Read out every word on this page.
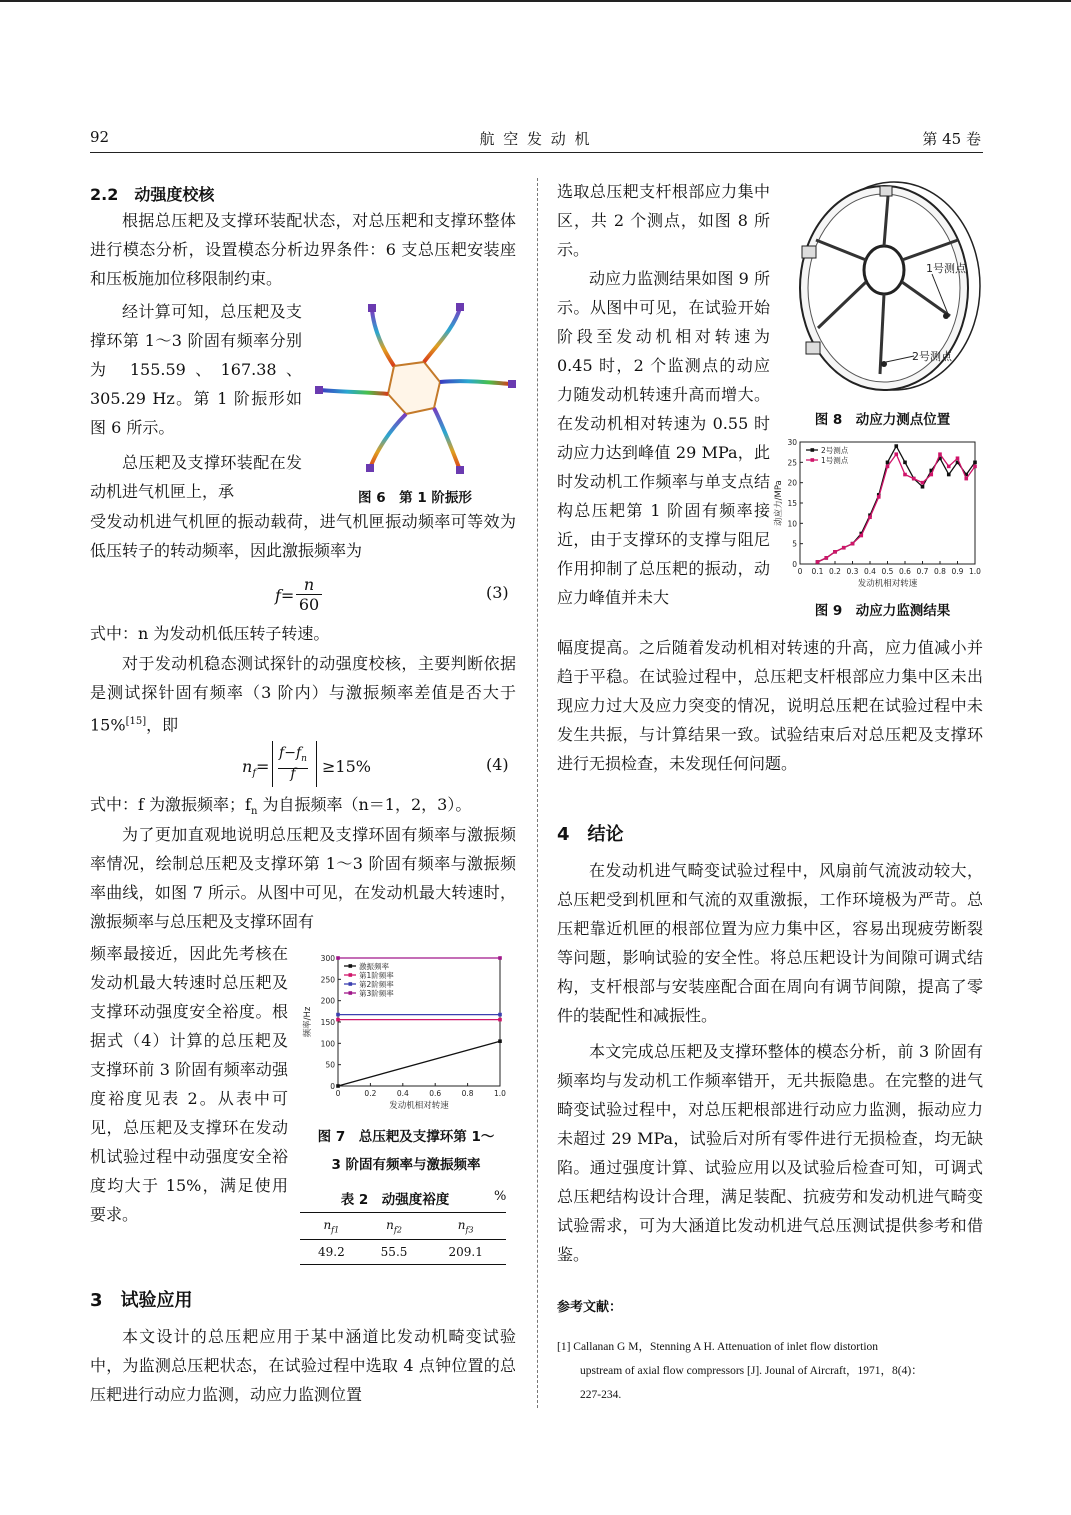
92	航 空 发 动 机	第 45 卷
2.2　动强度校核

根据总压耙及支撑环装配状态，对总压耙和支撑环整体进行模态分析，设置模态分析边界条件：6 支总压耙安装座和压板施加位移限制约束。

经计算可知，总压耙及支撑环第 1～3 阶固有频率分别为 155.59、167.38、305.29 Hz。第 1 阶振形如图 6 所示。

总压耙及支撑环装配在发动机进气机匣上，承

受发动机进气机匣的振动载荷，进气机匣振动频率可等效为低压转子的转动频率，因此激振频率为

图 6　第 1 阶振形
f=
n
60
(3)

式中：n 为发动机低压转子转速。

对于发动机稳态测试探针的动强度校核，主要判断依据是测试探针固有频率（3 阶内）与激振频率差值是否大于 15%[15]，即

$n_f=$
$f-f_n$
f	≥15%	(4)

式中：f 为激振频率；$f_n$ 为自振频率（n＝1，2，3）。

为了更加直观地说明总压耙及支撑环固有频率与激振频率情况，绘制总压耙及支撑环第 1～3 阶固有频率与激振频率曲线，如图 7 所示。从图中可见，在发动机最大转速时，激振频率与总压耙及支撑环固有

频率最接近，因此先考核在发动机最大转速时总压耙及支撑环动强度安全裕度。根据式（4）计算的总压耙及支撑环前 3 阶固有频率动强度裕度见表 2。从表中可见，总压耙及支撑环在发动机试验过程中动强度安全裕度均大于 15%，满足使用要求。

0	0.2	0.4	0.6	0.8	1.0
0
50
100
150
200
250
300
发动机相对转速
频率/Hz
激振频率
第1阶频率
第2阶频率
第3阶频率
图 7　总压耙及支撑环第 1～
3 阶固有频率与激振频率
表 2　动强度裕度	%
$n_{f1}$	$n_{f2}$	$n_{f3}$
49.2	55.5	209.1
3　试验应用

本文设计的总压耙应用于某中涵道比发动机畸变试验中，为监测总压耙状态，在试验过程中选取 4 点钟位置的总压耙进行动应力监测，动应力监测位置

选取总压耙支杆根部应力集中区，共 2 个测点，如图 8 所示。

动应力监测结果如图 9 所示。从图中可见，在试验开始阶段至发动机相对转速为 0.45 时，2 个监测点的动应力随发动机转速升高而增大。在发动机相对转速为 0.55 时动应力达到峰值 29 MPa，此时发动机工作频率与单支点结构总压耙第 1 阶固有频率接近，由于支撑环的支撑与阻尼作用抑制了总压耙的振动，动应力峰值并未大

幅度提高。之后随着发动机相对转速的升高，应力值减小并趋于平稳。在试验过程中，总压耙支杆根部应力集中区未出现应力过大及应力突变的情况，说明总压耙在试验过程中未发生共振，与计算结果一致。试验结束后对总压耙及支撑环进行无损检查，未发现任何问题。

1号测点
2号测点
图 8　动应力测点位置
0 0.1 0.2 0.3 0.4 0.5 0.6 0.7 0.8 0.9 1.0
0
5
10
15
20
25
30
发动机相对转速
动应力/MPa
2号测点
1号测点
图 9　动应力监测结果
4　结论

在发动机进气畸变试验过程中，风扇前气流波动较大，总压耙受到机匣和气流的双重激振，工作环境极为严苛。总压耙靠近机匣的根部位置为应力集中区，容易出现疲劳断裂等问题，影响试验的安全性。将总压耙设计为间隙可调式结构，支杆根部与安装座配合面在周向有调节间隙，提高了零件的装配性和减振性。

本文完成总压耙及支撑环整体的模态分析，前 3 阶固有频率均与发动机工作频率错开，无共振隐患。在完整的进气畸变试验过程中，对总压耙根部进行动应力监测，振动应力未超过 29 MPa，试验后对所有零件进行无损检查，均无缺陷。通过强度计算、试验应用以及试验后检查可知，可调式总压耙结构设计合理，满足装配、抗疲劳和发动机进气畸变试验需求，可为大涵道比发动机进气总压测试提供参考和借鉴。

参考文献：
[1] Callanan G M，Stenning A H. Attenuation of inlet flow distortion
upstream of axial flow compressors [J]. Jounal of Aircraft，1971，8(4)：
227-234.
